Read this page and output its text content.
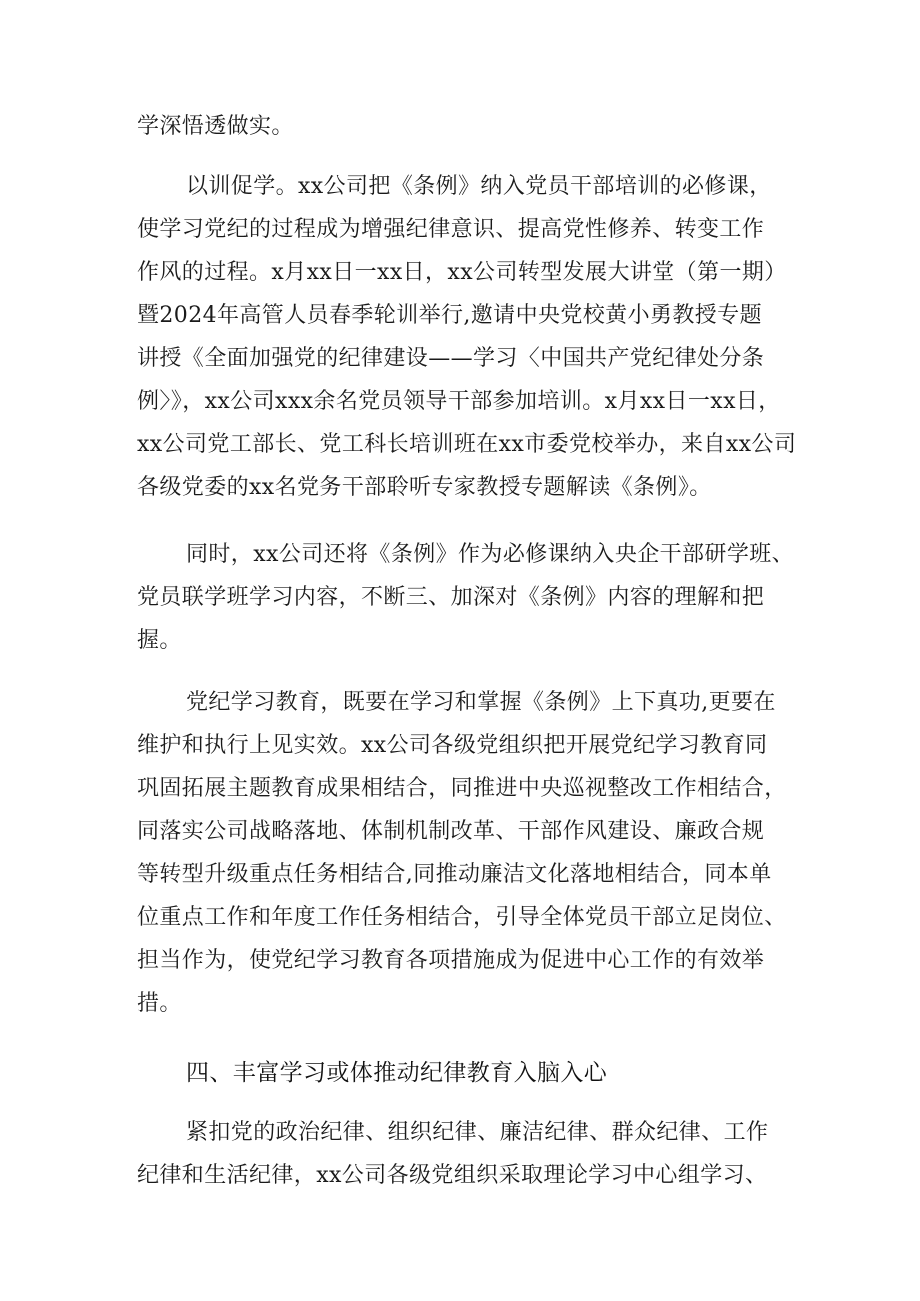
学深悟透做实。
以训促学。xx公司把《条例》纳入党员干部培训的必修课，
使学习党纪的过程成为增强纪律意识、提高党性修养、转变工作
作风的过程。x月xx日一xx日，xx公司转型发展大讲堂（第一期）
暨2024年高管人员春季轮训举行,邀请中央党校黄小勇教授专题
讲授《全面加强党的纪律建设——学习〈中国共产党纪律处分条
例〉》，xx公司xxx余名党员领导干部参加培训。x月xx日一xx日，
xx公司党工部长、党工科长培训班在xx市委党校举办，来自xx公司
各级党委的xx名党务干部聆听专家教授专题解读《条例》。
同时，xx公司还将《条例》作为必修课纳入央企干部研学班、
党员联学班学习内容，不断三、加深对《条例》内容的理解和把
握。
党纪学习教育，既要在学习和掌握《条例》上下真功,更要在
维护和执行上见实效。xx公司各级党组织把开展党纪学习教育同
巩固拓展主题教育成果相结合，同推进中央巡视整改工作相结合，
同落实公司战略落地、体制机制改革、干部作风建设、廉政合规
等转型升级重点任务相结合,同推动廉洁文化落地相结合，同本单
位重点工作和年度工作任务相结合，引导全体党员干部立足岗位、
担当作为，使党纪学习教育各项措施成为促进中心工作的有效举
措。
四、丰富学习或体推动纪律教育入脑入心
紧扣党的政治纪律、组织纪律、廉洁纪律、群众纪律、工作
纪律和生活纪律，xx公司各级党组织采取理论学习中心组学习、
